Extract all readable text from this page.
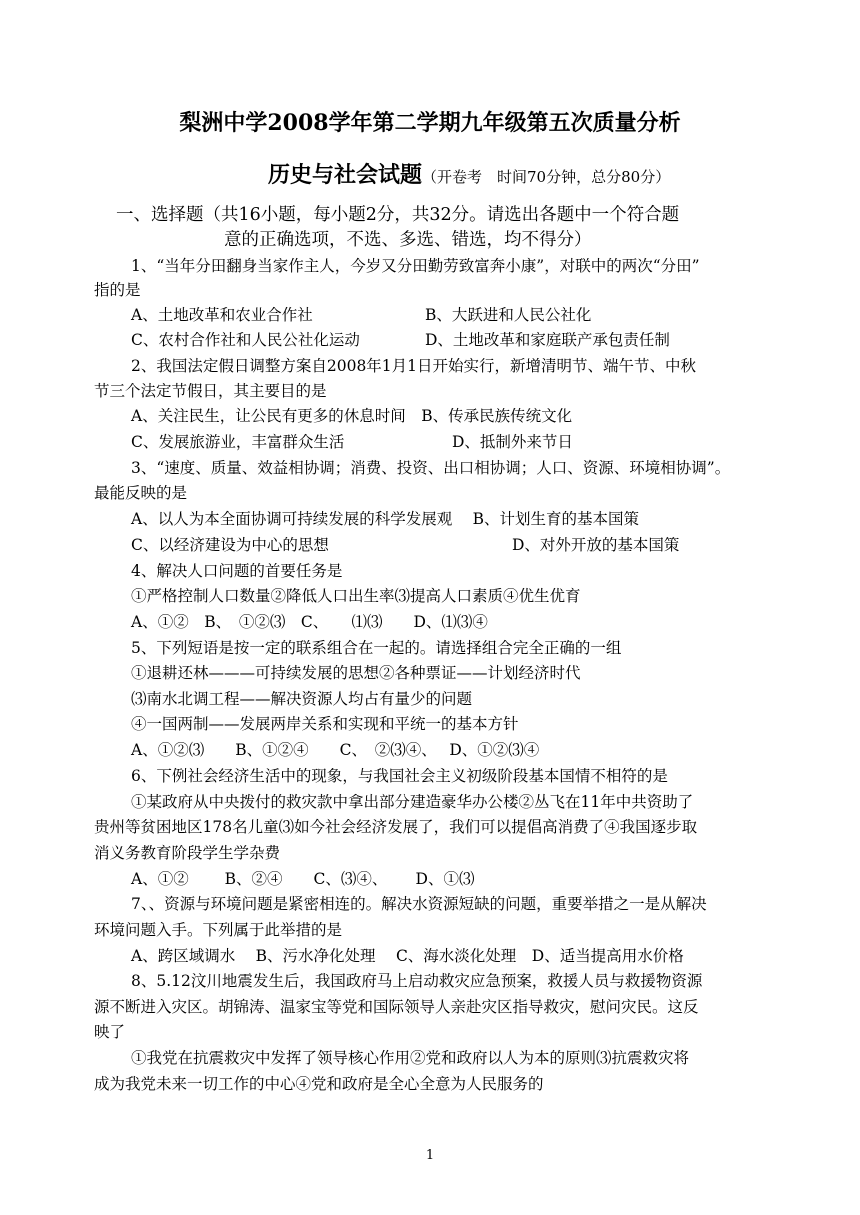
梨洲中学2008学年第二学期九年级第五次质量分析
历史与社会试题（开卷考　时间70分钟，总分80分）
一、选择题（共16小题，每小题2分，共32分。请选出各题中一个符合题
意的正确选项，不选、多选、错选，均不得分）
1、“当年分田翻身当家作主人，今岁又分田勤劳致富奔小康”，对联中的两次“分田”
指的是
A、土地改革和农业合作社	B、大跃进和人民公社化
C、农村合作社和人民公社化运动	D、土地改革和家庭联产承包责任制
2、我国法定假日调整方案自2008年1月1日开始实行，新增清明节、端午节、中秋
节三个法定节假日，其主要目的是
A、关注民生，让公民有更多的休息时间　B、传承民族传统文化
C、发展旅游业，丰富群众生活	D、抵制外来节日
3、“速度、质量、效益相协调；消费、投资、出口相协调；人口、资源、环境相协调”。
最能反映的是
A、以人为本全面协调可持续发展的科学发展观　 B、计划生育的基本国策
C、以经济建设为中心的思想	D、对外开放的基本国策
4、解决人口问题的首要任务是
①严格控制人口数量②降低人口出生率⑶提高人口素质④优生优育
A、①②　B、　①②⑶　C、　　⑴⑶　　D、⑴⑶④
5、下列短语是按一定的联系组合在一起的。请选择组合完全正确的一组
①退耕还林———可持续发展的思想②各种票证——计划经济时代
⑶南水北调工程——解决资源人均占有量少的问题
④一国两制——发展两岸关系和实现和平统一的基本方针
A、①②⑶　　B、①②④　　C、　②⑶④、　 D、①②⑶④
6、下例社会经济生活中的现象，与我国社会主义初级阶段基本国情不相符的是
①某政府从中央拨付的救灾款中拿出部分建造豪华办公楼②丛飞在11年中共资助了
贵州等贫困地区178名儿童⑶如今社会经济发展了，我们可以提倡高消费了④我国逐步取
消义务教育阶段学生学杂费
A、①②　　 B、②④　　C、⑶④、　　 D、①⑶
7、、资源与环境问题是紧密相连的。解决水资源短缺的问题，重要举措之一是从解决
环境问题入手。下列属于此举措的是
A、跨区域调水　 B、污水净化处理　 C、海水淡化处理　D、适当提高用水价格
8、5.12汶川地震发生后，我国政府马上启动救灾应急预案，救援人员与救援物资源
源不断进入灾区。胡锦涛、温家宝等党和国际领导人亲赴灾区指导救灾，慰问灾民。这反
映了
①我党在抗震救灾中发挥了领导核心作用②党和政府以人为本的原则⑶抗震救灾将
成为我党未来一切工作的中心④党和政府是全心全意为人民服务的
1
